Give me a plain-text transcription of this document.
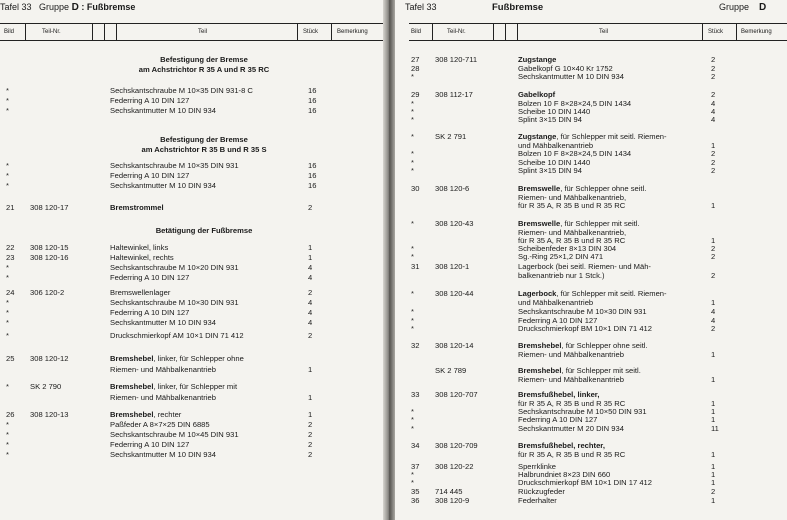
Tafel 33 Gruppe D : Fußbremse
Bild	Teil-Nr.	Teil	Stück	Bemerkung
*	Sechskantschraube M 10×35 DIN 931-8 C	16
*	Federring A 10 DIN 127	16
*	Sechskantmutter M 10 DIN 934	16
*	Sechskantschraube M 10×35 DIN 931	16
*	Federring A 10 DIN 127	16
*	Sechskantmutter M 10 DIN 934	16
21 308 120-17	Bremstrommel	2
22 308 120-15	Haltewinkel, links	1
23 308 120-16	Haltewinkel, rechts	1
*	Sechskantschraube M 10×20 DIN 931	4
*	Federring A 10 DIN 127	4
24 306 120-2	Bremswellenlager	2
*	Sechskantschraube M 10×30 DIN 931	4
*	Federring A 10 DIN 127	4
*	Sechskantmutter M 10 DIN 934	4
*	Druckschmierkopf AM 10×1 DIN 71 412	2
25 308 120-12	Bremshebel, linker, für Schlepper ohne
Riemen- und Mähbalkenantrieb	1
*	SK 2 790	Bremshebel, linker, für Schlepper mit
Riemen- und Mähbalkenantrieb	1
26 308 120-13	Bremshebel, rechter	1
*	Paßfeder A 8×7×25 DIN 6885	2
*	Sechskantschraube M 10×45 DIN 931	2
*	Federring A 10 DIN 127	2
*	Sechskantmutter M 10 DIN 934	2
Befestigung der Bremse
am Achstrichtor R 35 A und R 35 RC
Befestigung der Bremse
am Achstrichtor R 35 B und R 35 S
Betätigung der Fußbremse
Tafel 33	Fußbremse	Gruppe D
Bild	Teil-Nr.	Teil	Stück	Bemerkung
27 308 120-711	Zugstange	2
28	Gabelkopf G 10×40 Kr 1752	2
*	Sechskantmutter M 10 DIN 934	2
29 308 112-17	Gabelkopf	2
*	Bolzen 10 F 8×28×24,5 DIN 1434	4
*	Scheibe 10 DIN 1440	4
*	Splint 3×15 DIN 94	4
*	SK 2 791	Zugstange, für Schlepper mit seitl. Riemen-
und Mähbalkenantrieb	1
*	Bolzen 10 F 8×28×24,5 DIN 1434	2
*	Scheibe 10 DIN 1440	2
*	Splint 3×15 DIN 94	2
30 308 120-6	Bremswelle, für Schlepper ohne seitl.
Riemen- und Mähbalkenantrieb,
für R 35 A, R 35 B und R 35 RC	1
*	308 120-43	Bremswelle, für Schlepper mit seitl.
Riemen- und Mähbalkenantrieb,
für R 35 A, R 35 B und R 35 RC	1
*	Scheibenfeder 8×13 DIN 304	2
*	Sg.-Ring 25×1,2 DIN 471	2
31 308 120-1	Lagerbock (bei seitl. Riemen- und Mäh-
balkenantrieb nur 1 Stck.)	2
*	308 120-44	Lagerbock, für Schlepper mit seitl. Riemen-
und Mähbalkenantrieb	1
*	Sechskantschraube M 10×30 DIN 931	4
*	Federring A 10 DIN 127	4
*	Druckschmierkopf BM 10×1 DIN 71 412	2
32 308 120-14	Bremshebel, für Schlepper ohne seitl.
Riemen- und Mähbalkenantrieb	1
SK 2 789	Bremshebel, für Schlepper mit seitl.
Riemen- und Mähbalkenantrieb	1
33 308 120-707	Bremsfußhebel, linker,
für R 35 A, R 35 B und R 35 RC	1
*	Sechskantschraube M 10×50 DIN 931	1
*	Federring A 10 DIN 127	1
*	Sechskantmutter M 20 DIN 934	11
34 308 120-709	Bremsfußhebel, rechter,
für R 35 A, R 35 B und R 35 RC	1
37 308 120-22	Sperrklinke	1
*	Halbrundniet 8×23 DIN 660	1
*	Druckschmierkopf BM 10×1 DIN 17 412	1
35 714 445	Rückzugfeder	2
36 308 120-9	Federhalter	1
